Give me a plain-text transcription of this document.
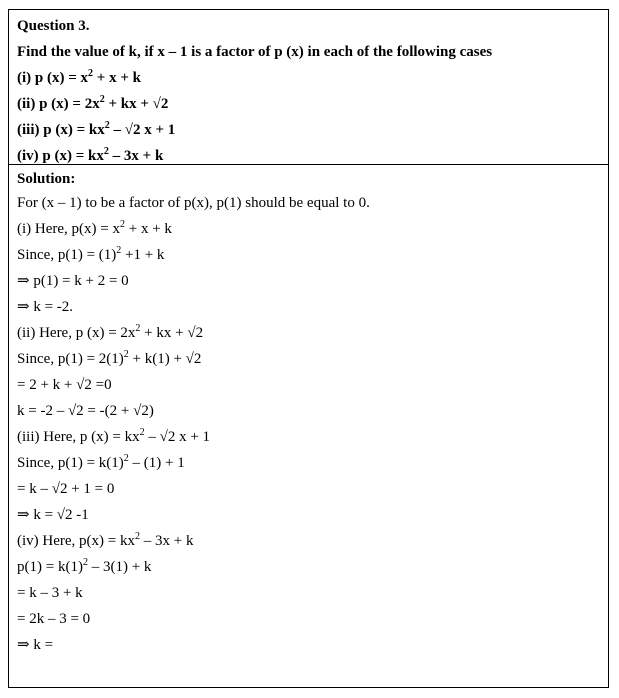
Question 3.
Find the value of k, if x – 1 is a factor of p (x) in each of the following cases
(i) p $(x) = x^2 + x + k$
(ii) p $(x) = 2x^2$ + kx + √2
(iii) p $(x) = kx^2 - √2$ x + 1
(iv) p $(x) = kx^2 - 3x + k$
Solution:
For (x – 1) to be a factor of p(x), p(1) should be equal to 0.
(i) Here, $p(x) = x^2 + x + k$
Since, $p(1) = (1)^2 +1 + k$
⇒ p(1) = k + 2 = 0
⇒ k = -2.
(ii) Here, p $(x) = 2x^2$ + kx + √2
Since, $p(1) = 2(1)^2 + k(1) + √2$
= 2 + k + √2 =0
k = -2 – √2 = -(2 + √2)
(iii) Here, p $(x) = kx^2 - √2$ x + 1
Since, $p(1) = k(1)^2 - (1) + 1$
= k – √2 + 1 = 0
⇒ k = √2 -1
(iv) Here, $p(x) = kx^2 - 3x + k$
$p(1) = k(1)^2 - 3(1) + k$
= k – 3 + k
= 2k – 3 = 0
⇒ k =
